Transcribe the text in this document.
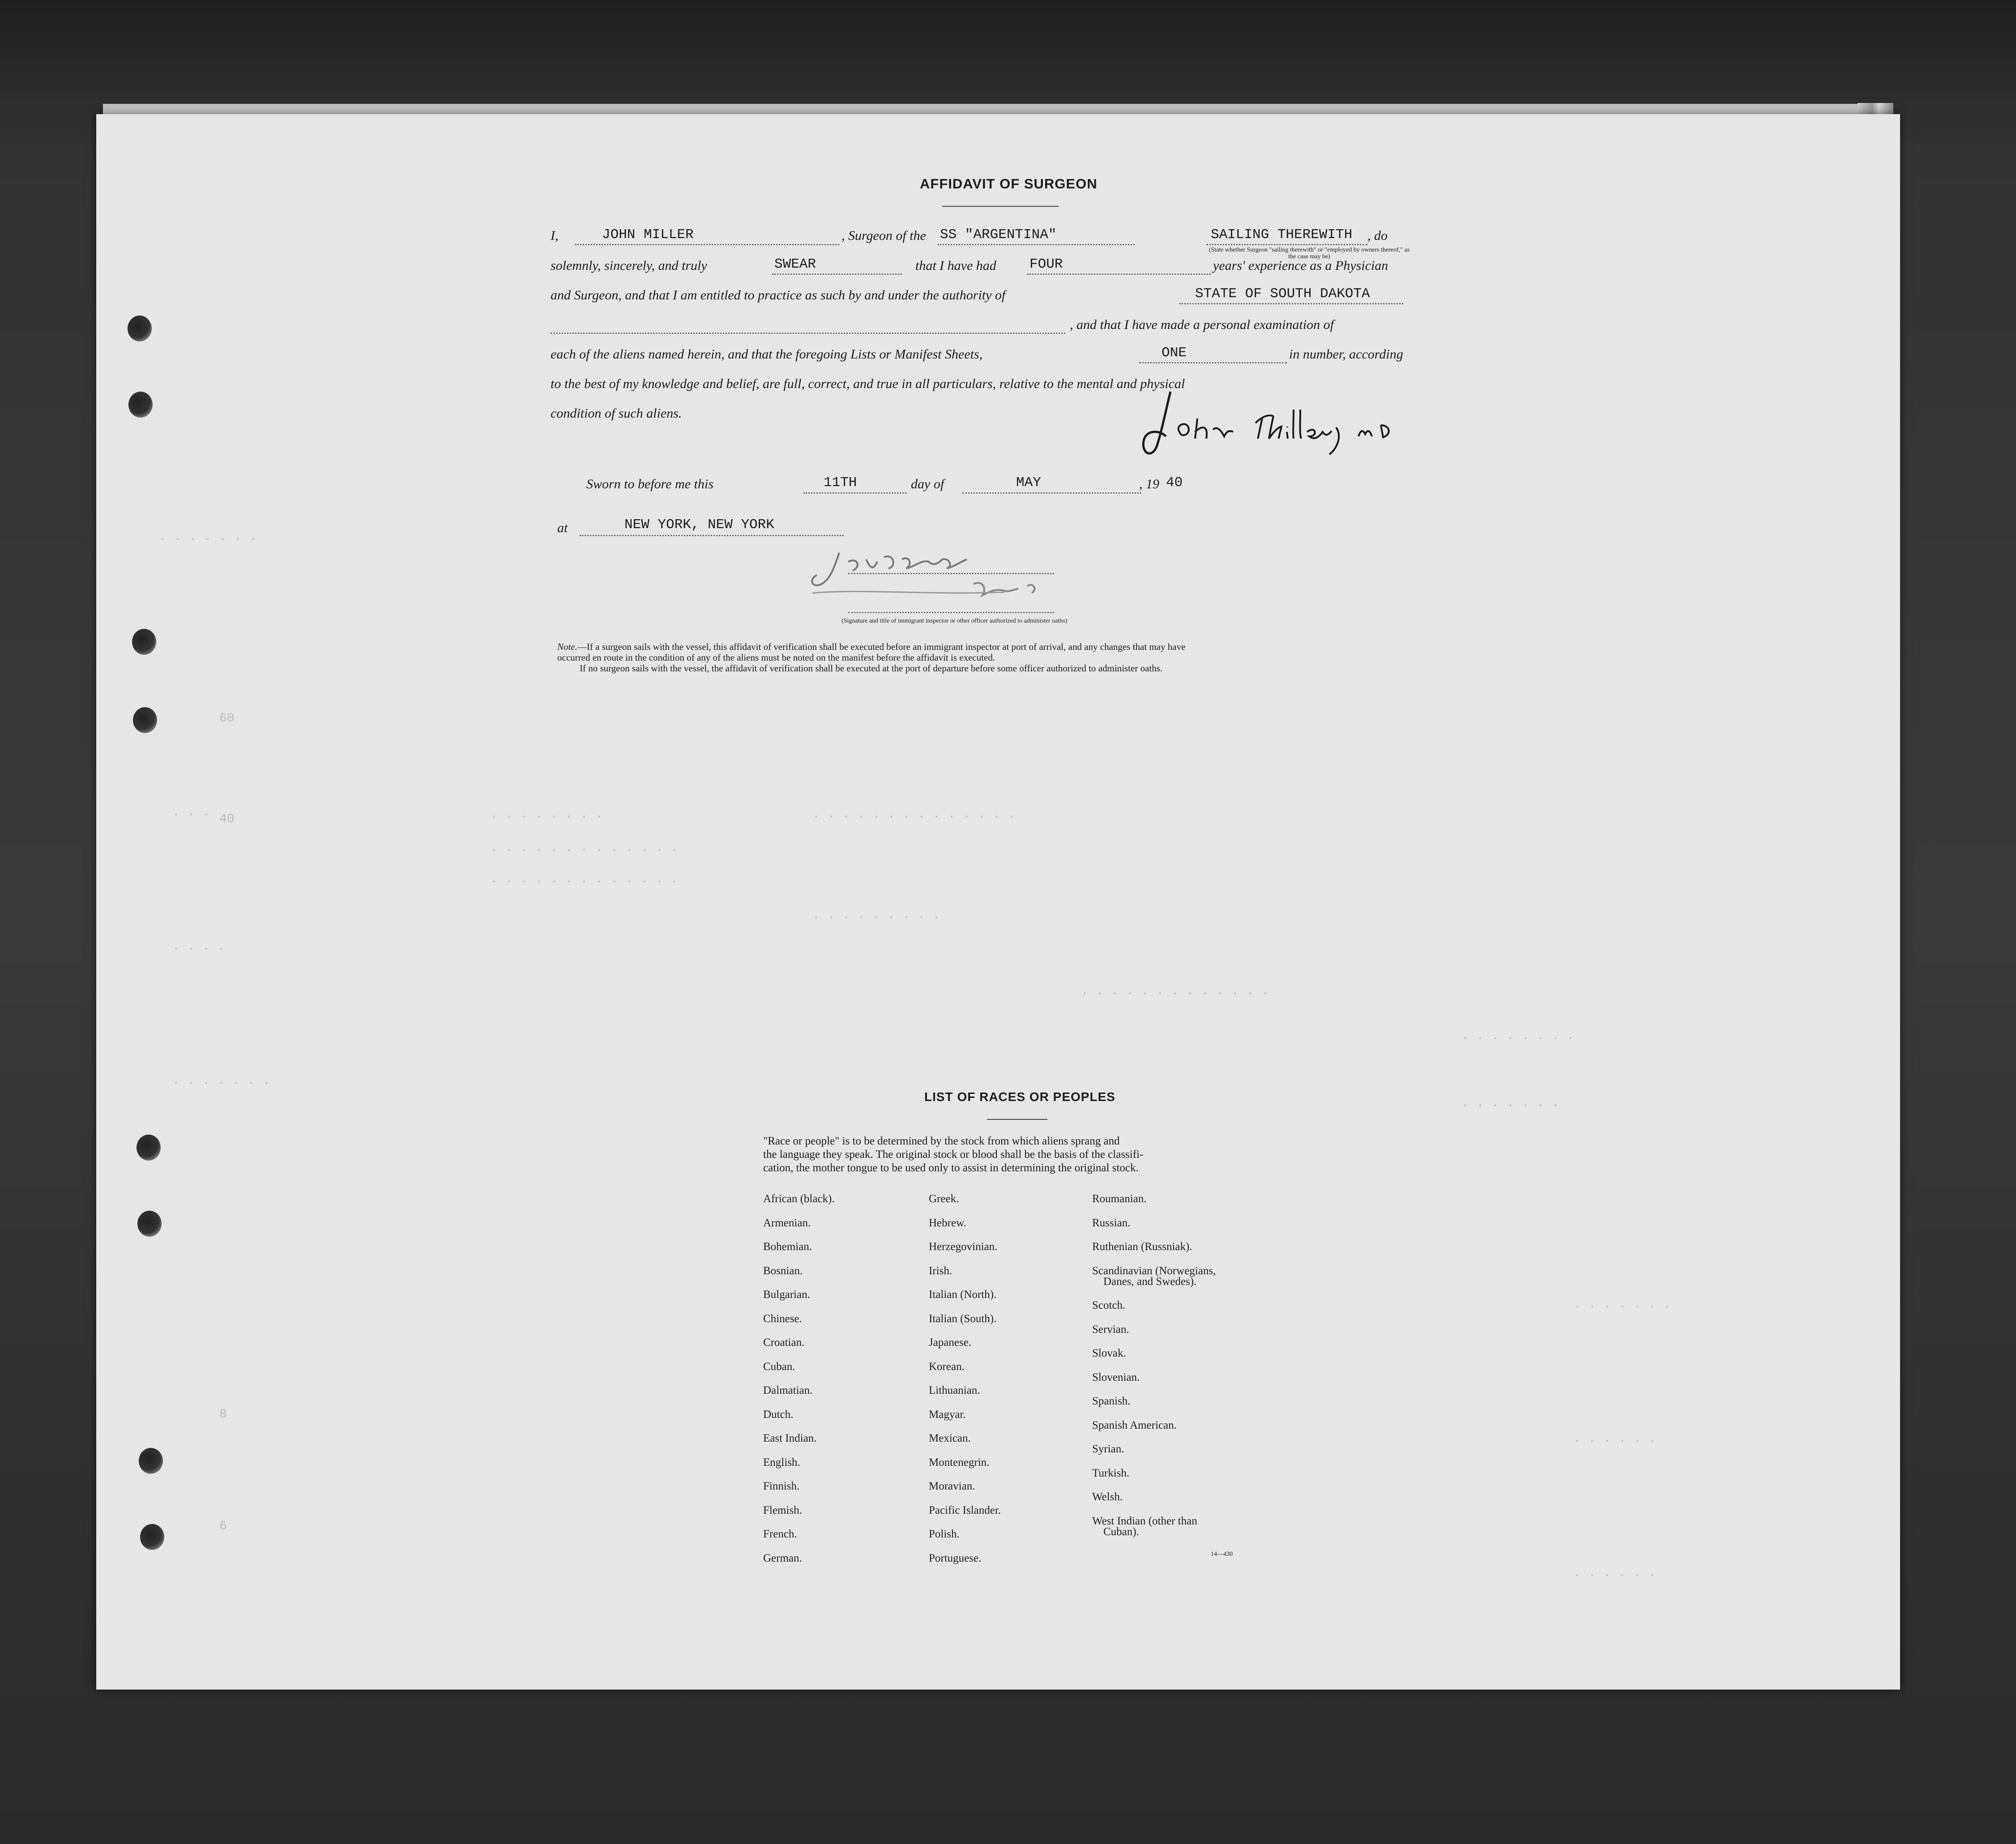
· · · · · · ·
60
40
· · ·	· · · · · · · ·	· · · · · · · · · · · · · ·
· · · · · · · · · · · · ·
· · · · · · · · · · · · ·
· · · · · · · · ·
· · · ·
· · · · · · · · · · · · ·
· · · · · · · ·
· · · · · · ·
· · · · · · ·
· · · · · · ·
· · · · · ·
· · · · · ·
8
6
AFFIDAVIT OF SURGEON
I,	JOHN MILLER	, Surgeon of the SS "ARGENTINA"	SAILING THEREWITH , do
(State whether Surgeon "sailing therewith" or "employed by owners thereof," as the case may be)
solemnly, sincerely, and truly	SWEAR	that I have had FOUR	years' experience as a Physician
and Surgeon, and that I am entitled to practice as such by and under the authority of	STATE OF SOUTH DAKOTA
, and that I have made a personal examination of
each of the aliens named herein, and that the foregoing Lists or Manifest Sheets,	ONE	in number, according
to the best of my knowledge and belief, are full, correct, and true in all particulars, relative to the mental and physical
condition of such aliens.
Sworn to before me this	11TH	day of	MAY	, 19 40
at	NEW YORK, NEW YORK
(Signature and title of immigrant inspector or other officer authorized to administer oaths)
Note.—If a surgeon sails with the vessel, this affidavit of verification shall be executed before an immigrant inspector at port of arrival, and any changes that may have
occurred en route in the condition of any of the aliens must be noted on the manifest before the affidavit is executed.
If no surgeon sails with the vessel, the affidavit of verification shall be executed at the port of departure before some officer authorized to administer oaths.
LIST OF RACES OR PEOPLES
"Race or people" is to be determined by the stock from which aliens sprang and
the language they speak. The original stock or blood shall be the basis of the classifi-
cation, the mother tongue to be used only to assist in determining the original stock.
14—430
African (black).
Armenian.
Bohemian.
Bosnian.
Bulgarian.
Chinese.
Croatian.
Cuban.
Dalmatian.
Dutch.
East Indian.
English.
Finnish.
Flemish.
French.
German.
Greek.
Hebrew.
Herzegovinian.
Irish.
Italian (North).
Italian (South).
Japanese.
Korean.
Lithuanian.
Magyar.
Mexican.
Montenegrin.
Moravian.
Pacific Islander.
Polish.
Portuguese.
Roumanian.
Russian.
Ruthenian (Russniak).
Scandinavian (Norwegians,
Danes, and Swedes).
Scotch.
Servian.
Slovak.
Slovenian.
Spanish.
Spanish American.
Syrian.
Turkish.
Welsh.
West Indian (other than
Cuban).
